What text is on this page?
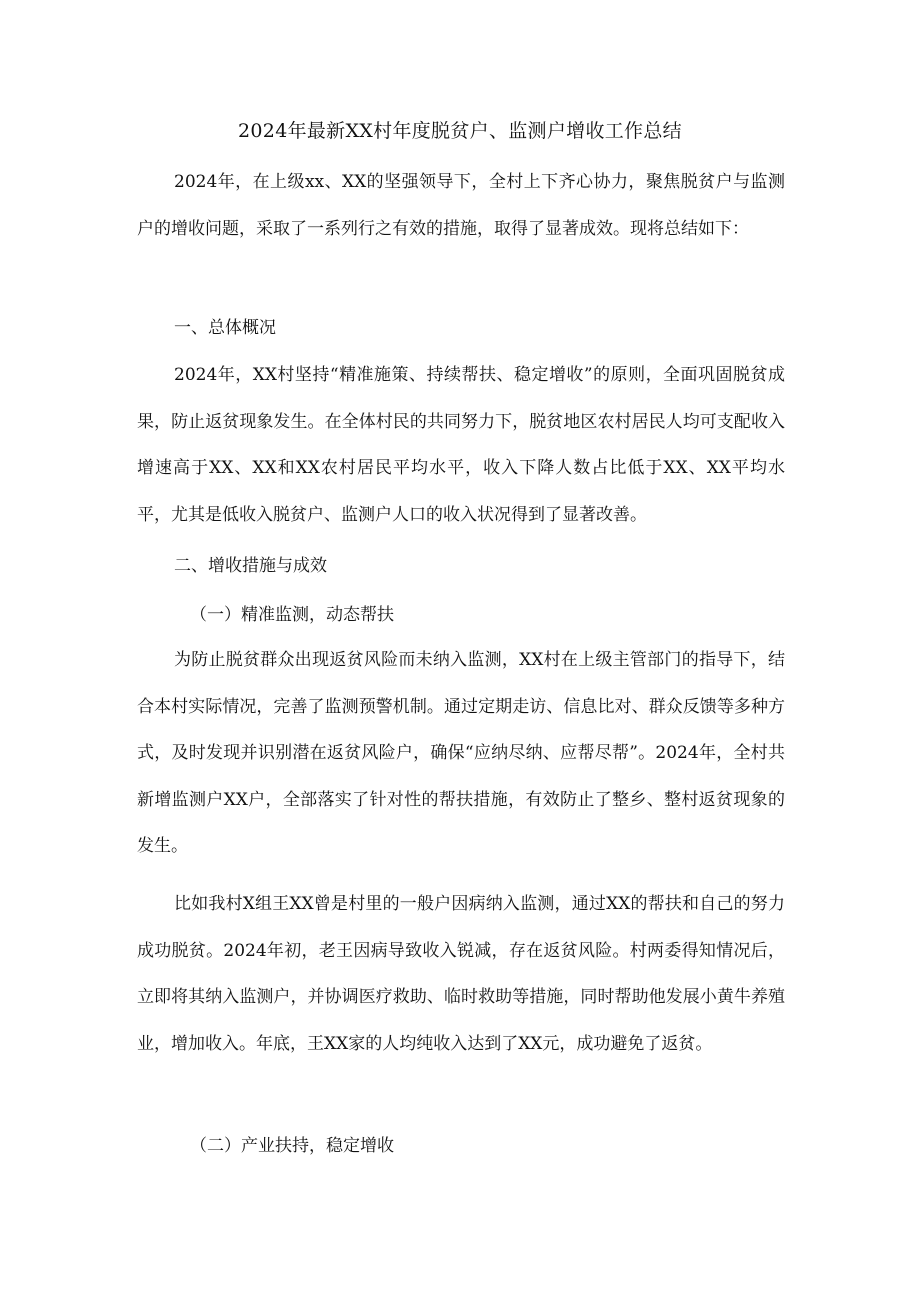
2024年最新XX村年度脱贫户、监测户增收工作总结

2024年，在上级xx、XX的坚强领导下，全村上下齐心协力，聚焦脱贫户与监测户的增收问题，采取了一系列行之有效的措施，取得了显著成效。现将总结如下：

一、总体概况

2024年，XX村坚持“精准施策、持续帮扶、稳定增收”的原则，全面巩固脱贫成果，防止返贫现象发生。在全体村民的共同努力下，脱贫地区农村居民人均可支配收入增速高于XX、XX和XX农村居民平均水平，收入下降人数占比低于XX、XX平均水平，尤其是低收入脱贫户、监测户人口的收入状况得到了显著改善。

二、增收措施与成效
（一）精准监测，动态帮扶

为防止脱贫群众出现返贫风险而未纳入监测，XX村在上级主管部门的指导下，结合本村实际情况，完善了监测预警机制。通过定期走访、信息比对、群众反馈等多种方式，及时发现并识别潜在返贫风险户，确保“应纳尽纳、应帮尽帮”。2024年，全村共新增监测户XX户，全部落实了针对性的帮扶措施，有效防止了整乡、整村返贫现象的发生。

比如我村X组王XX曾是村里的一般户因病纳入监测，通过XX的帮扶和自己的努力成功脱贫。2024年初，老王因病导致收入锐减，存在返贫风险。村两委得知情况后，立即将其纳入监测户，并协调医疗救助、临时救助等措施，同时帮助他发展小黄牛养殖业，增加收入。年底，王XX家的人均纯收入达到了XX元，成功避免了返贫。

（二）产业扶持，稳定增收
